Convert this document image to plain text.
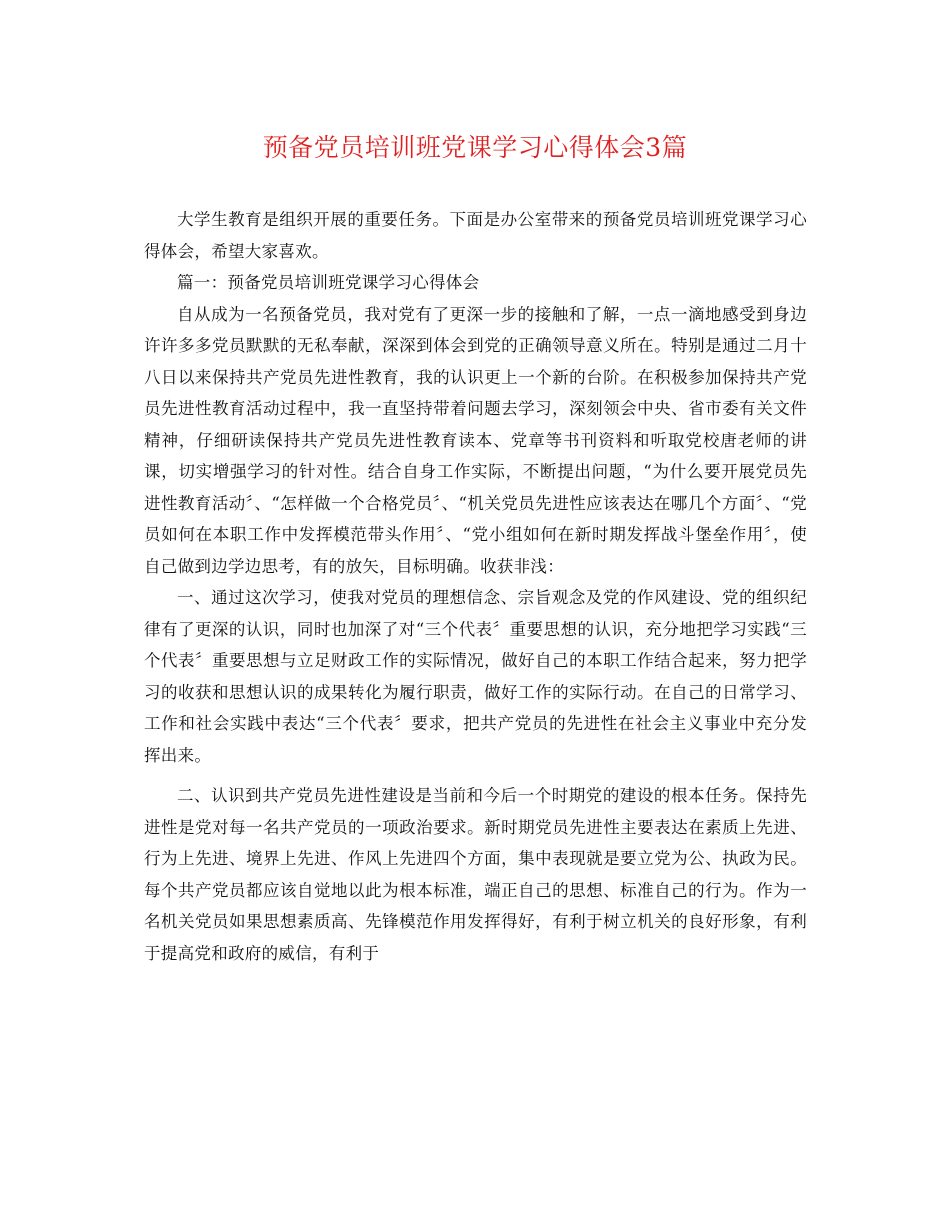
预备党员培训班党课学习心得体会3篇

大学生教育是组织开展的重要任务。下面是办公室带来的预备党员培训班党课学习心得体会，希望大家喜欢。

篇一：预备党员培训班党课学习心得体会

自从成为一名预备党员，我对党有了更深一步的接触和了解，一点一滴地感受到身边许许多多党员默默的无私奉献，深深到体会到党的正确领导意义所在。特别是通过二月十八日以来保持共产党员先进性教育，我的认识更上一个新的台阶。在积极参加保持共产党员先进性教育活动过程中，我一直坚持带着问题去学习，深刻领会中央、省市委有关文件精神，仔细研读保持共产党员先进性教育读本、党章等书刊资料和听取党校唐老师的讲课，切实增强学习的针对性。结合自身工作实际，不断提出问题，“为什么要开展党员先进性教育活动〞、“怎样做一个合格党员〞、“机关党员先进性应该表达在哪几个方面〞、“党员如何在本职工作中发挥模范带头作用〞、“党小组如何在新时期发挥战斗堡垒作用〞，使自己做到边学边思考，有的放矢，目标明确。收获非浅：

一、通过这次学习，使我对党员的理想信念、宗旨观念及党的作风建设、党的组织纪律有了更深的认识，同时也加深了对“三个代表〞重要思想的认识，充分地把学习实践“三个代表〞重要思想与立足财政工作的实际情况，做好自己的本职工作结合起来，努力把学习的收获和思想认识的成果转化为履行职责，做好工作的实际行动。在自己的日常学习、工作和社会实践中表达“三个代表〞要求，把共产党员的先进性在社会主义事业中充分发挥出来。

二、认识到共产党员先进性建设是当前和今后一个时期党的建设的根本任务。保持先进性是党对每一名共产党员的一项政治要求。新时期党员先进性主要表达在素质上先进、行为上先进、境界上先进、作风上先进四个方面，集中表现就是要立党为公、执政为民。每个共产党员都应该自觉地以此为根本标准，端正自己的思想、标准自己的行为。作为一名机关党员如果思想素质高、先锋模范作用发挥得好，有利于树立机关的良好形象，有利于提高党和政府的威信，有利于
